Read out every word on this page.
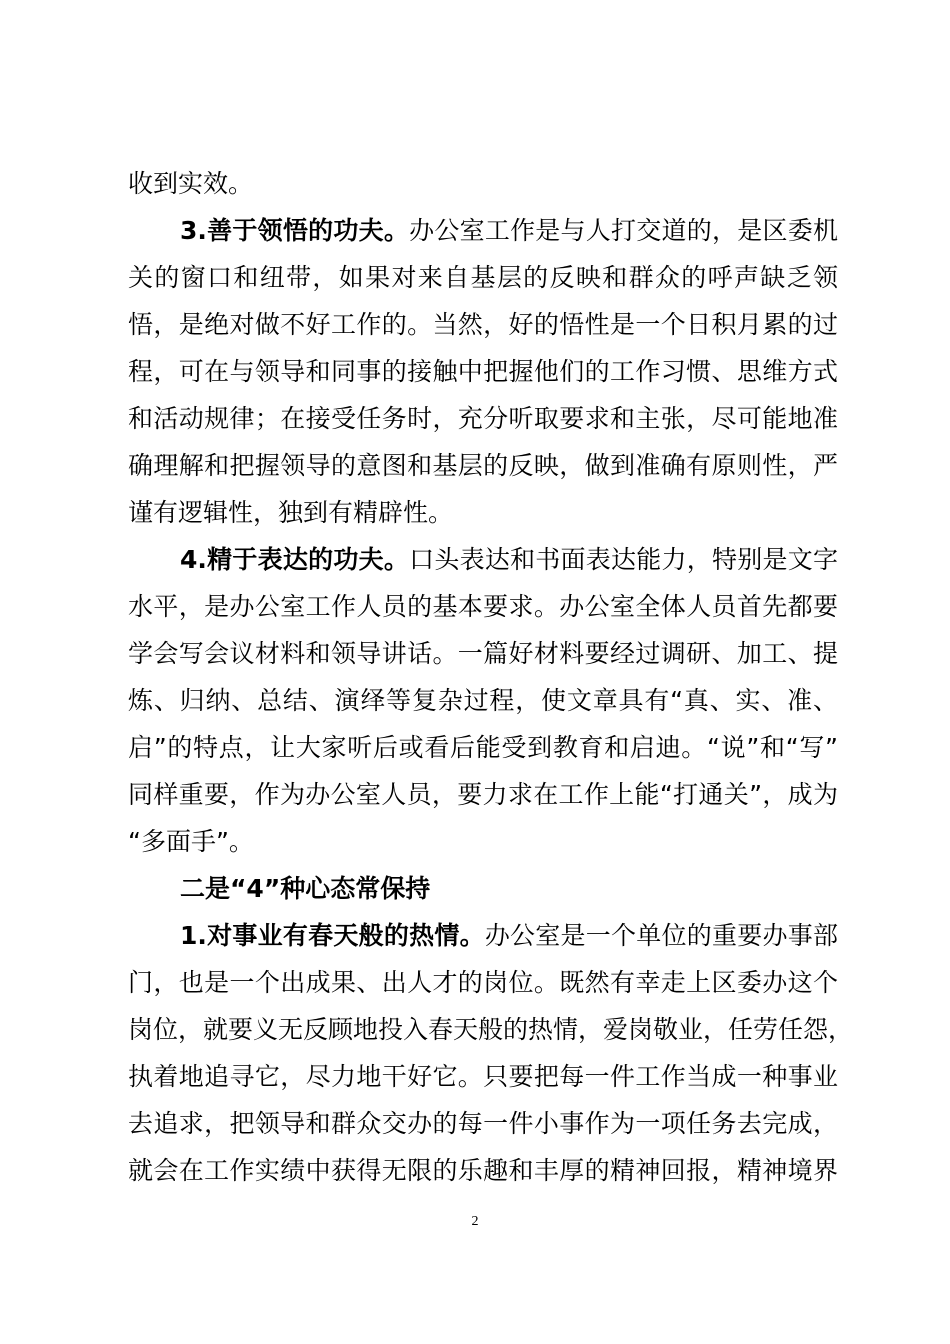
收到实效。
3.善于领悟的功夫。办公室工作是与人打交道的，是区委机
关的窗口和纽带，如果对来自基层的反映和群众的呼声缺乏领
悟，是绝对做不好工作的。当然，好的悟性是一个日积月累的过
程，可在与领导和同事的接触中把握他们的工作习惯、思维方式
和活动规律；在接受任务时，充分听取要求和主张，尽可能地准
确理解和把握领导的意图和基层的反映，做到准确有原则性，严
谨有逻辑性，独到有精辟性。
4.精于表达的功夫。口头表达和书面表达能力，特别是文字
水平，是办公室工作人员的基本要求。办公室全体人员首先都要
学会写会议材料和领导讲话。一篇好材料要经过调研、加工、提
炼、归纳、总结、演绎等复杂过程，使文章具有“真、实、准、
启”的特点，让大家听后或看后能受到教育和启迪。“说”和“写”
同样重要，作为办公室人员，要力求在工作上能“打通关”，成为
“多面手”。
二是“4”种心态常保持
1.对事业有春天般的热情。办公室是一个单位的重要办事部
门，也是一个出成果、出人才的岗位。既然有幸走上区委办这个
岗位，就要义无反顾地投入春天般的热情，爱岗敬业，任劳任怨，
执着地追寻它，尽力地干好它。只要把每一件工作当成一种事业
去追求，把领导和群众交办的每一件小事作为一项任务去完成，
就会在工作实绩中获得无限的乐趣和丰厚的精神回报，精神境界
2
